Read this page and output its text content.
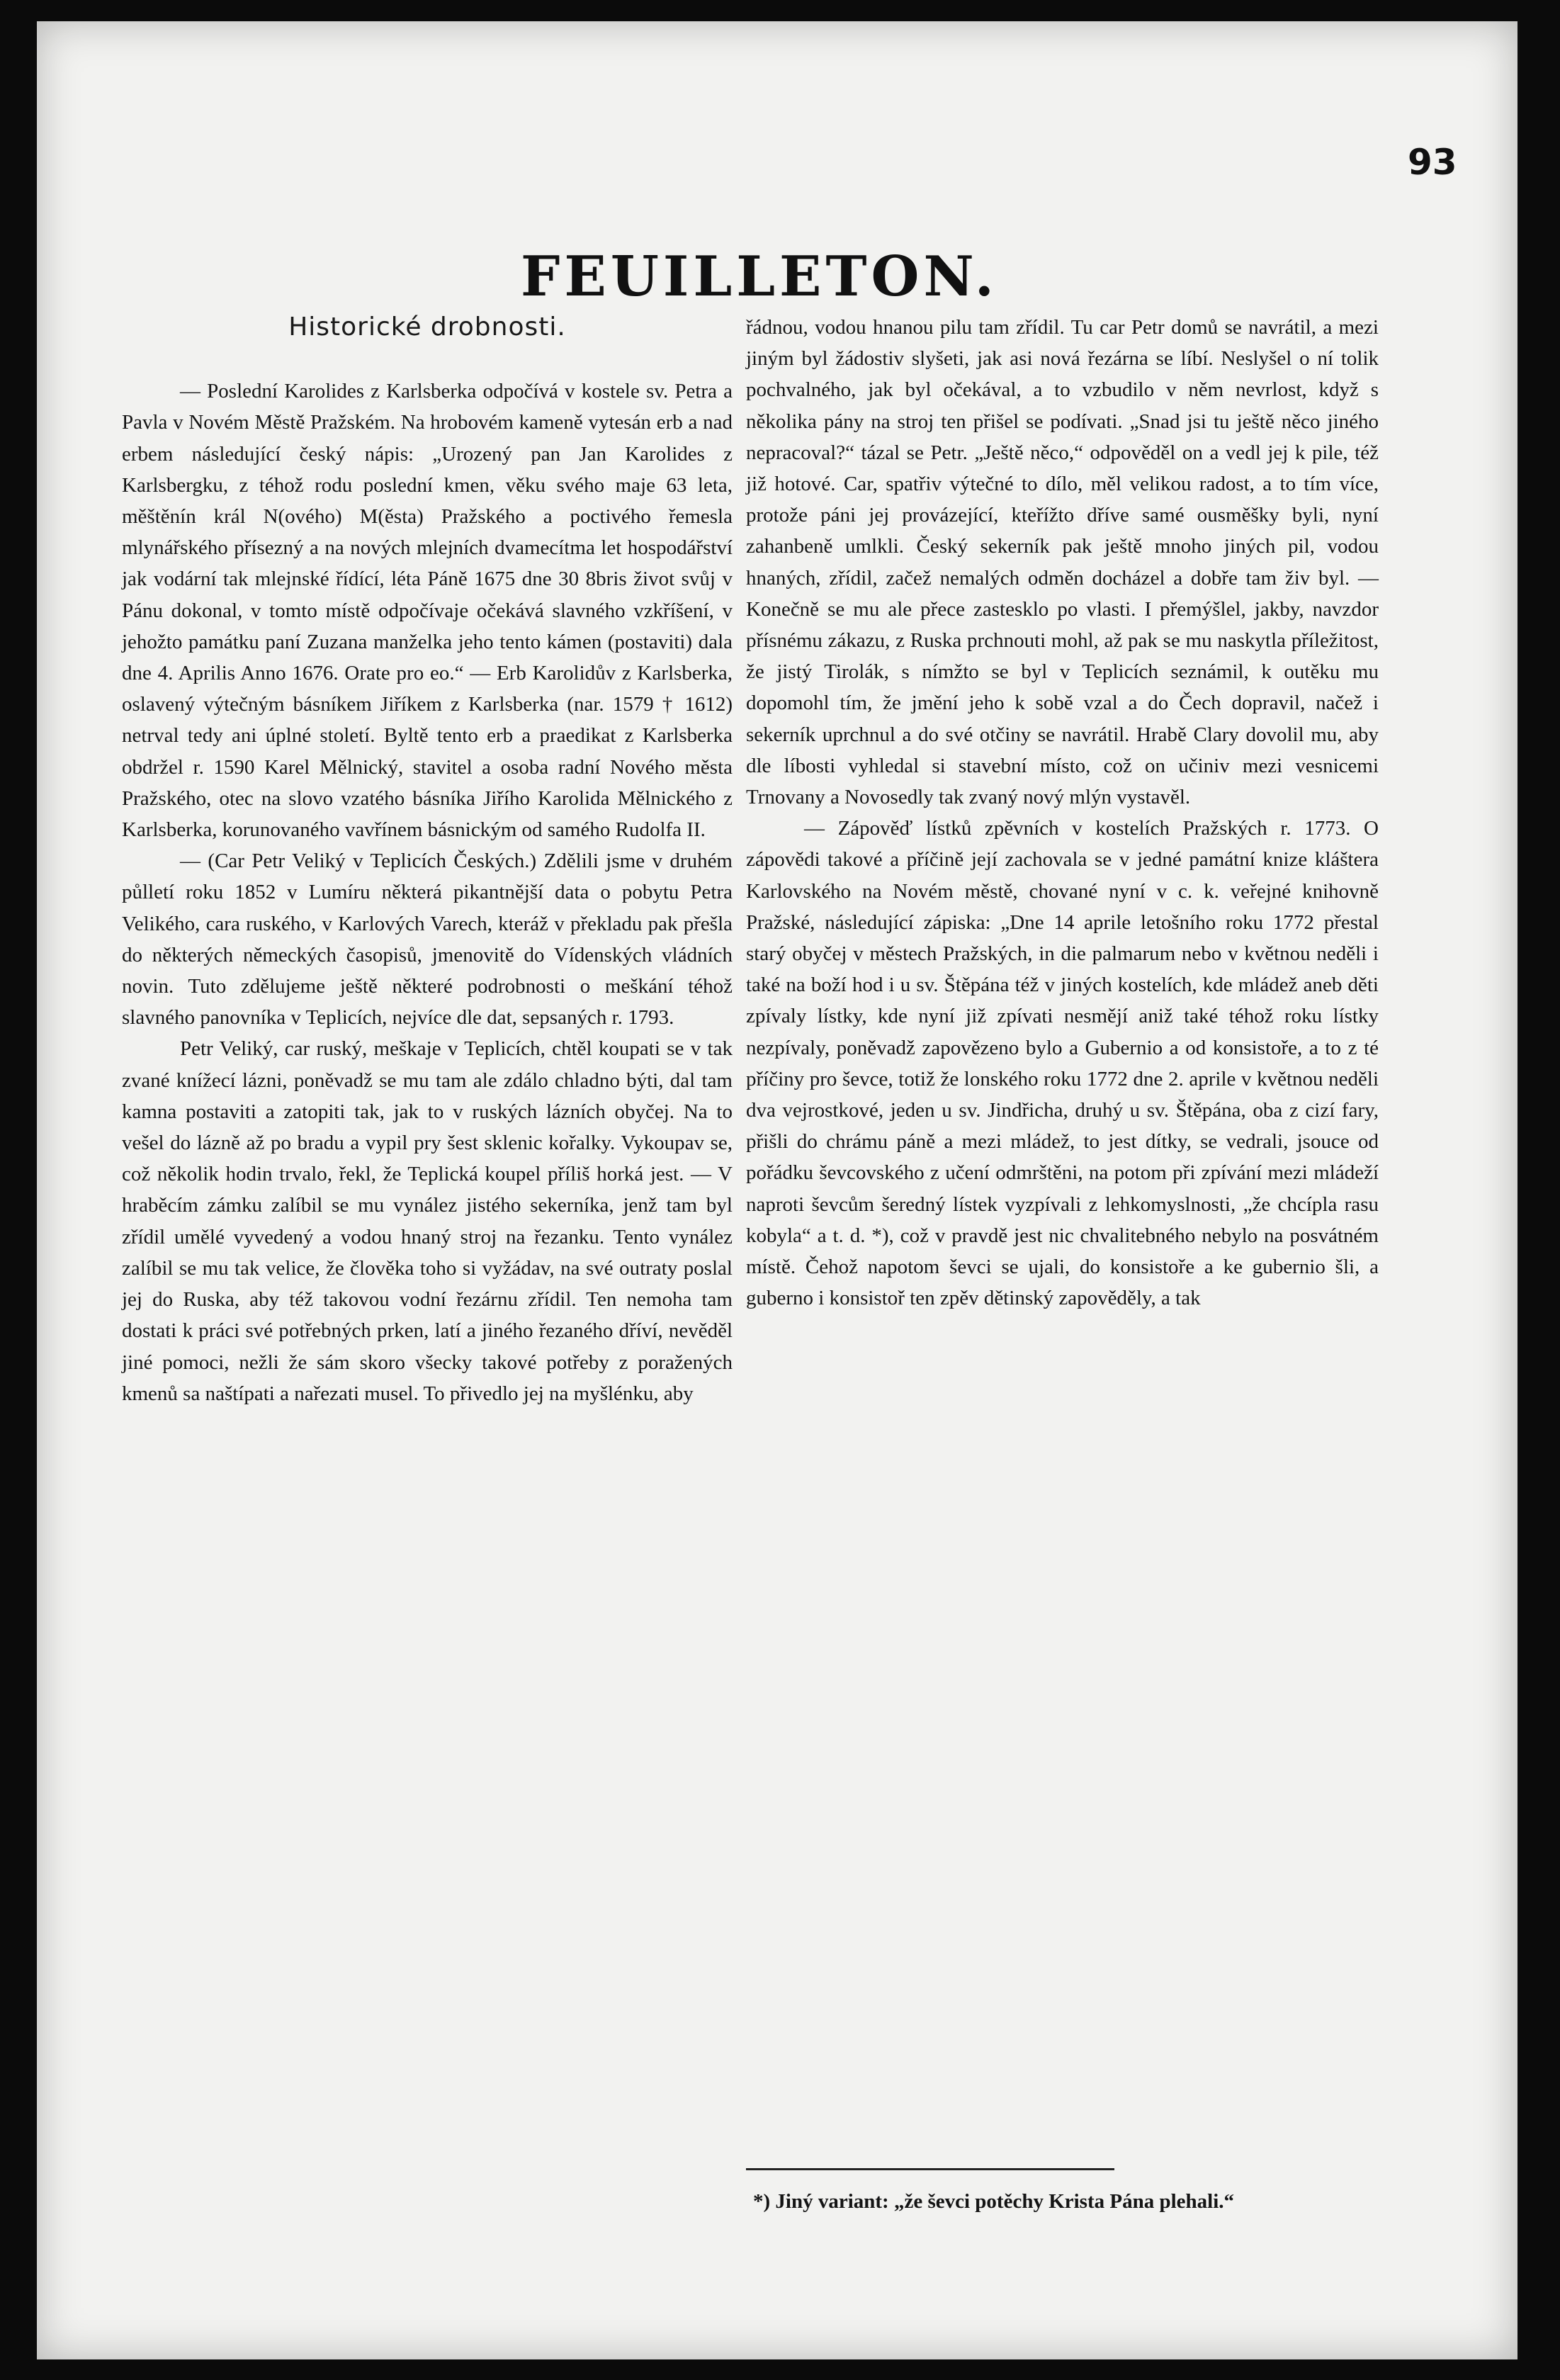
93
FEUILLETON.
Historické drobnosti.

— Poslední Karolides z Karlsberka odpočívá v kostele sv. Petra a Pavla v Novém Městě Pražském. Na hrobovém kameně vytesán erb a nad erbem následující český nápis: „Urozený pan Jan Karolides z Karlsbergku, z téhož rodu poslední kmen, věku svého maje 63 leta, měštěnín král N(ového) M(ěsta) Pražského a poctivého řemesla mlynářského přísezný a na nových mlejních dvamecítma let hospodářství jak vodární tak mlejnské řídící, léta Páně 1675 dne 30 8bris život svůj v Pánu dokonal, v tomto místě odpočívaje očekává slavného vzkříšení, v jehožto památku paní Zuzana manželka jeho tento kámen (postaviti) dala dne 4. Aprilis Anno 1676. Orate pro eo.“ — Erb Karolidův z Karlsberka, oslavený výtečným básníkem Jiříkem z Karlsberka (nar. 1579 † 1612) netrval tedy ani úplné století. Byltě tento erb a praedikat z Karlsberka obdržel r. 1590 Karel Mělnický, stavitel a osoba radní Nového města Pražského, otec na slovo vzatého básníka Jiřího Karolida Mělnického z Karlsberka, korunovaného vavřínem básnickým od samého Rudolfa II.

— (Car Petr Veliký v Teplicích Českých.) Zdělili jsme v druhém půlletí roku 1852 v Lumíru některá pikantnější data o pobytu Petra Velikého, cara ruského, v Karlových Varech, kteráž v překladu pak přešla do některých německých časopisů, jmenovitě do Vídenských vládních novin. Tuto zdělujeme ještě některé podrobnosti o meškání téhož slavného panovníka v Teplicích, nejvíce dle dat, sepsaných r. 1793.

Petr Veliký, car ruský, meškaje v Teplicích, chtěl koupati se v tak zvané knížecí lázni, poněvadž se mu tam ale zdálo chladno býti, dal tam kamna postaviti a zatopiti tak, jak to v ruských lázních obyčej. Na to vešel do lázně až po bradu a vypil pry šest sklenic kořalky. Vykoupav se, což několik hodin trvalo, řekl, že Teplická koupel příliš horká jest. — V hraběcím zámku zalíbil se mu vynález jistého sekerníka, jenž tam byl zřídil umělé vyvedený a vodou hnaný stroj na řezanku. Tento vynález zalíbil se mu tak velice, že člověka toho si vyžádav, na své outraty poslal jej do Ruska, aby též takovou vodní řezárnu zřídil. Ten nemoha tam dostati k práci své potřebných prken, latí a jiného řezaného dříví, nevěděl jiné pomoci, nežli že sám skoro všecky takové potřeby z poražených kmenů sa naštípati a nařezati musel. To přivedlo jej na myšlénku, aby

řádnou, vodou hnanou pilu tam zřídil. Tu car Petr domů se navrátil, a mezi jiným byl žádostiv slyšeti, jak asi nová řezárna se líbí. Neslyšel o ní tolik pochvalného, jak byl očekával, a to vzbudilo v něm nevrlost, když s několika pány na stroj ten přišel se podívati. „Snad jsi tu ještě něco jiného nepracoval?“ tázal se Petr. „Ještě něco,“ odpověděl on a vedl jej k pile, též již hotové. Car, spatřiv výtečné to dílo, měl velikou radost, a to tím více, protože páni jej provázející, kteřížto dříve samé ousměšky byli, nyní zahanbeně umlkli. Český sekerník pak ještě mnoho jiných pil, vodou hnaných, zřídil, začež nemalých odměn docházel a dobře tam živ byl. — Konečně se mu ale přece zastesklo po vlasti. I přemýšlel, jakby, navzdor přísnému zákazu, z Ruska prchnouti mohl, až pak se mu naskytla příležitost, že jistý Tirolák, s nímžto se byl v Teplicích seznámil, k outěku mu dopomohl tím, že jmění jeho k sobě vzal a do Čech dopravil, načež i sekerník uprchnul a do své otčiny se navrátil. Hrabě Clary dovolil mu, aby dle líbosti vyhledal si stavební místo, což on učiniv mezi vesnicemi Trnovany a Novosedly tak zvaný nový mlýn vystavěl.

— Zápověď lístků zpěvních v kostelích Pražských r. 1773. O zápovědi takové a příčině její zachovala se v jedné památní knize kláštera Karlovského na Novém městě, chované nyní v c. k. veřejné knihovně Pražské, následující zápiska: „Dne 14 aprile letošního roku 1772 přestal starý obyčej v městech Pražských, in die palmarum nebo v květnou neděli i také na boží hod i u sv. Štěpána též v jiných kostelích, kde mládež aneb děti zpívaly lístky, kde nyní již zpívati nesmějí aniž také téhož roku lístky nezpívaly, poněvadž zapovězeno bylo a Gubernio a od konsistoře, a to z té příčiny pro ševce, totiž že lonského roku 1772 dne 2. aprile v květnou neděli dva vejrostkové, jeden u sv. Jindřicha, druhý u sv. Štěpána, oba z cizí fary, přišli do chrámu páně a mezi mládež, to jest dítky, se vedrali, jsouce od pořádku ševcovského z učení odmrštěni, na potom při zpívání mezi mládeží naproti ševcům šeredný lístek vyzpívali z lehkomyslnosti, „že chcípla rasu kobyla“ a t. d. *), což v pravdě jest nic chvalitebného nebylo na posvátném místě. Čehož napotom ševci se ujali, do konsistoře a ke gubernio šli, a guberno i konsistoř ten zpěv dětinský zapověděly, a tak

*) Jiný variant: „že ševci potěchy Krista Pána plehali.“
